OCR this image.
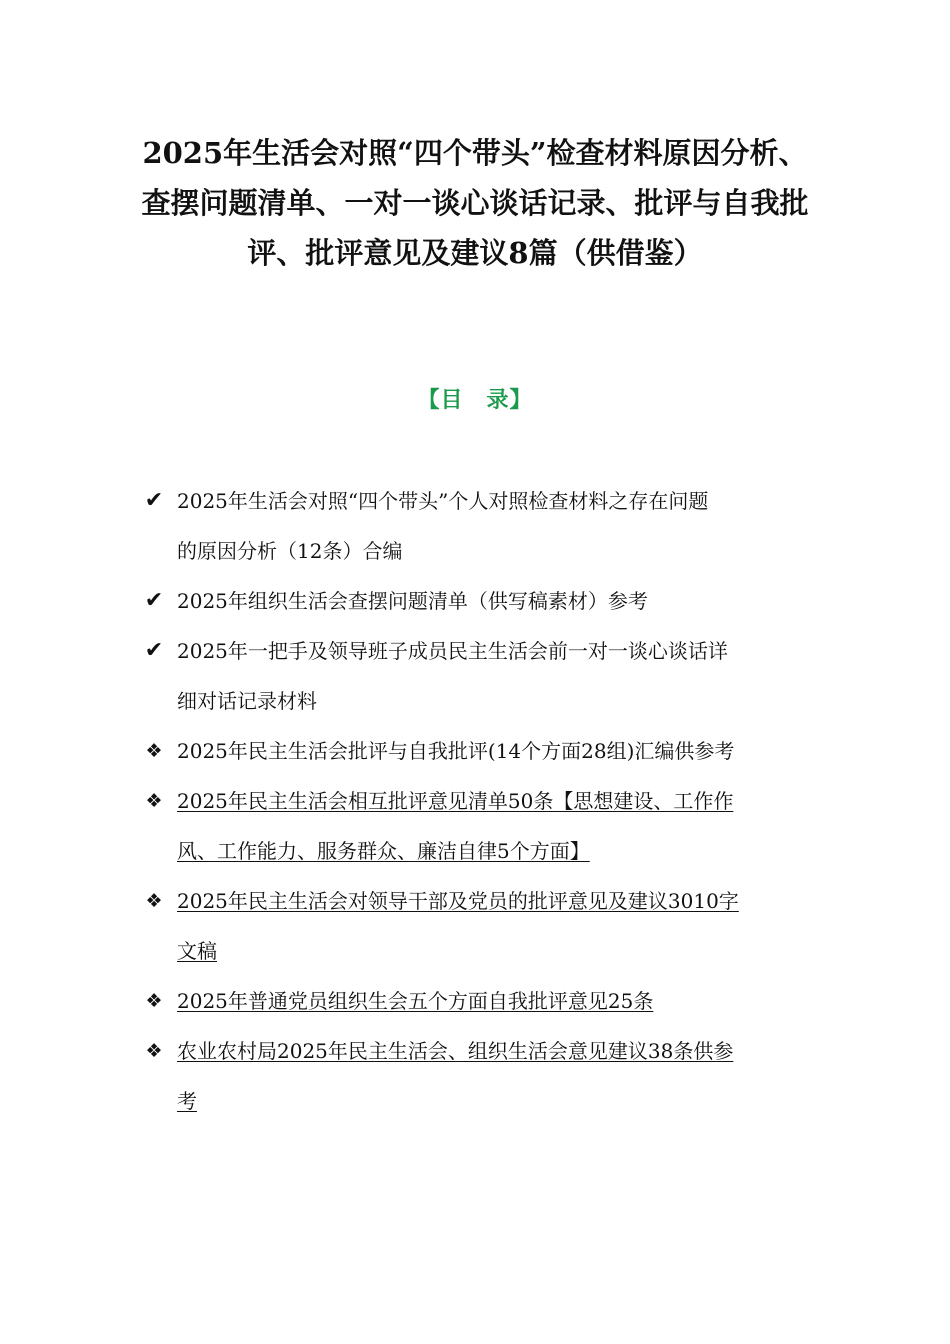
2025年生活会对照“四个带头”检查材料原因分析、
查摆问题清单、一对一谈心谈话记录、批评与自我批
评、批评意见及建议8篇（供借鉴）
【目　录】
✔ 2025年生活会对照“四个带头”个人对照检查材料之存在问题
的原因分析（12条）合编
✔ 2025年组织生活会查摆问题清单（供写稿素材）参考
✔ 2025年一把手及领导班子成员民主生活会前一对一谈心谈话详
细对话记录材料
❖ 2025年民主生活会批评与自我批评(14个方面28组)汇编供参考
❖ 2025年民主生活会相互批评意见清单50条【思想建设、工作作
风、工作能力、服务群众、廉洁自律5个方面】
❖ 2025年民主生活会对领导干部及党员的批评意见及建议3010字
文稿
❖ 2025年普通党员组织生会五个方面自我批评意见25条
❖ 农业农村局2025年民主生活会、组织生活会意见建议38条供参
考
